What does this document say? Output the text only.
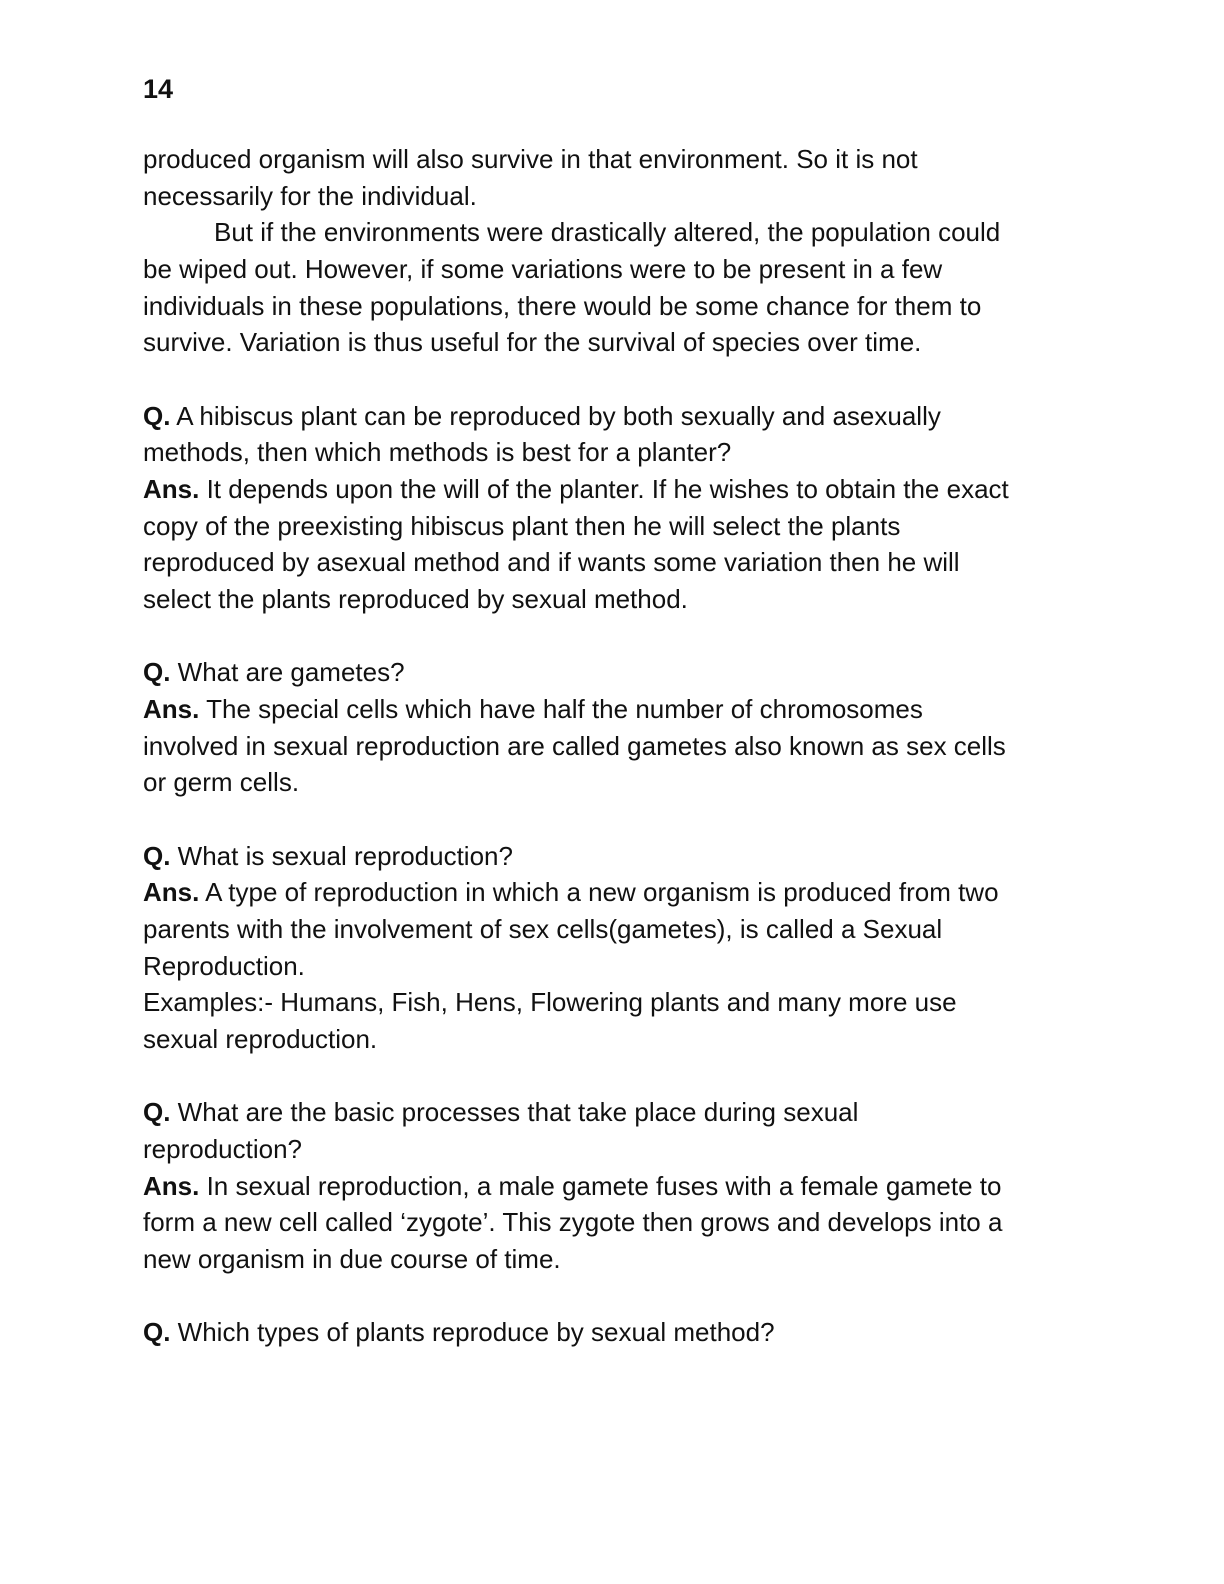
14
produced organism will also survive in that environment. So it is not
necessarily for the individual.
But if the environments were drastically altered, the population could
be wiped out. However, if some variations were to be present in a few
individuals in these populations, there would be some chance for them to
survive. Variation is thus useful for the survival of species over time.
Q. A hibiscus plant can be reproduced by both sexually and asexually
methods, then which methods is best for a planter?
Ans. It depends upon the will of the planter. If he wishes to obtain the exact
copy of the preexisting hibiscus plant then he will select the plants
reproduced by asexual method and if wants some variation then he will
select the plants reproduced by sexual method.
Q. What are gametes?
Ans. The special cells which have half the number of chromosomes
involved in sexual reproduction are called gametes also known as sex cells
or germ cells.
Q. What is sexual reproduction?
Ans. A type of reproduction in which a new organism is produced from two
parents with the involvement of sex cells(gametes), is called a Sexual
Reproduction.
Examples:- Humans, Fish, Hens, Flowering plants and many more use
sexual reproduction.
Q. What are the basic processes that take place during sexual
reproduction?
Ans. In sexual reproduction, a male gamete fuses with a female gamete to
form a new cell called ‘zygote’. This zygote then grows and develops into a
new organism in due course of time.
Q. Which types of plants reproduce by sexual method?
